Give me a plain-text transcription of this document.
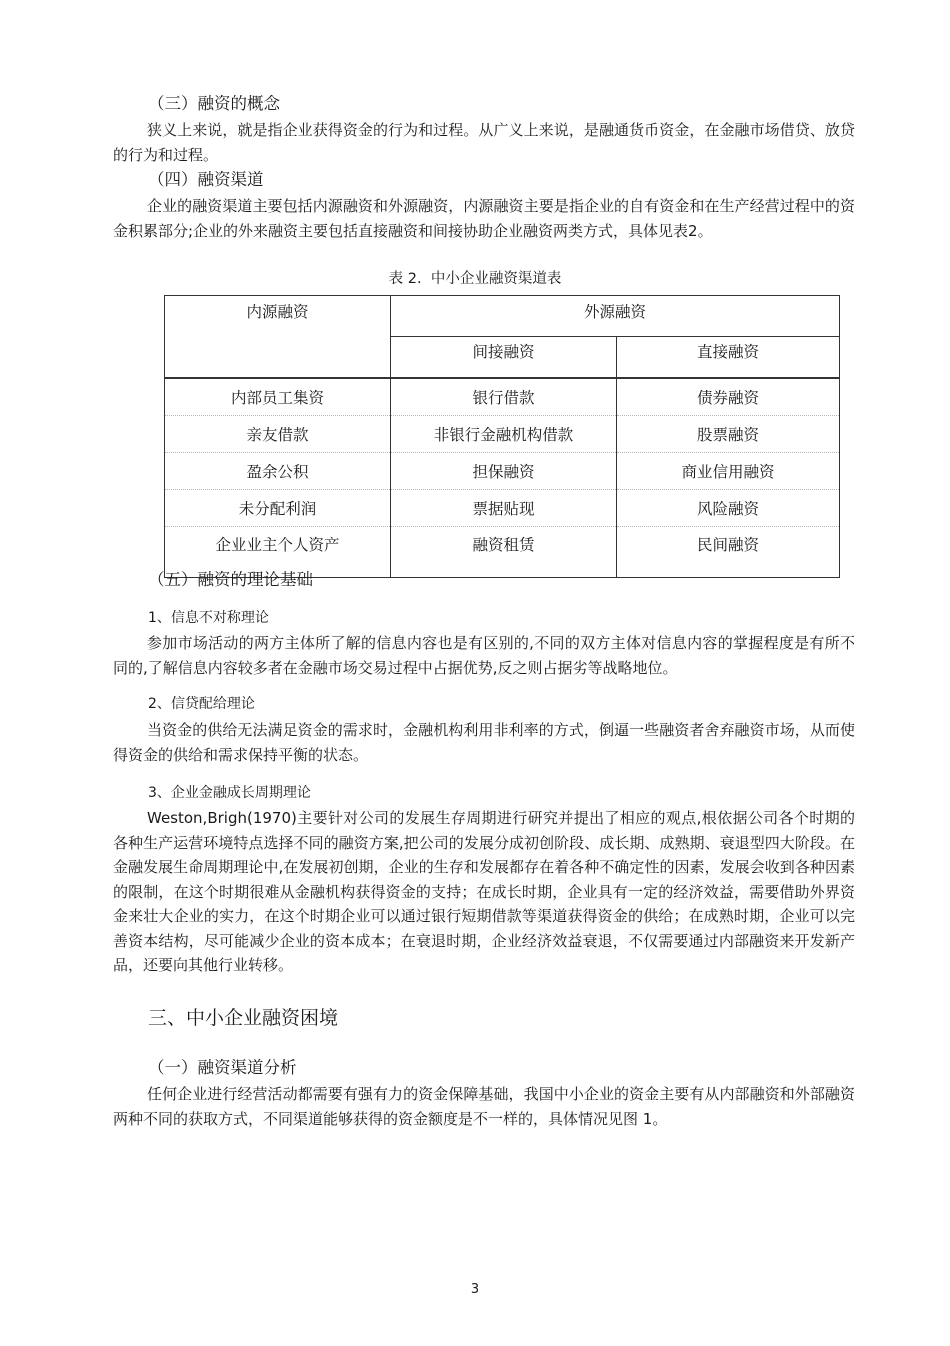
（三）融资的概念

狭义上来说，就是指企业获得资金的行为和过程。从广义上来说，是融通货币资金，在金融市场借贷、放贷的行为和过程。

（四）融资渠道

企业的融资渠道主要包括内源融资和外源融资，内源融资主要是指企业的自有资金和在生产经营过程中的资金积累部分;企业的外来融资主要包括直接融资和间接协助企业融资两类方式，具体见表2。

表 2. 中小企业融资渠道表

内源融资	外源融资	
	间接融资	直接融资
内部员工集资	银行借款	债券融资
亲友借款	非银行金融机构借款	股票融资
盈余公积	担保融资	商业信用融资
未分配利润	票据贴现	风险融资
企业业主个人资产	融资租赁	民间融资

（五）融资的理论基础

1、信息不对称理论

参加市场活动的两方主体所了解的信息内容也是有区别的,不同的双方主体对信息内容的掌握程度是有所不同的,了解信息内容较多者在金融市场交易过程中占据优势,反之则占据劣等战略地位。

2、信贷配给理论

当资金的供给无法满足资金的需求时，金融机构利用非利率的方式，倒逼一些融资者舍弃融资市场，从而使得资金的供给和需求保持平衡的状态。

3、企业金融成长周期理论

Weston,Brigh(1970)主要针对公司的发展生存周期进行研究并提出了相应的观点,根依据公司各个时期的各种生产运营环境特点选择不同的融资方案,把公司的发展分成初创阶段、成长期、成熟期、衰退型四大阶段。在金融发展生命周期理论中,在发展初创期，企业的生存和发展都存在着各种不确定性的因素，发展会收到各种因素的限制，在这个时期很难从金融机构获得资金的支持；在成长时期，企业具有一定的经济效益，需要借助外界资金来壮大企业的实力，在这个时期企业可以通过银行短期借款等渠道获得资金的供给；在成熟时期，企业可以完善资本结构，尽可能减少企业的资本成本；在衰退时期，企业经济效益衰退，不仅需要通过内部融资来开发新产品，还要向其他行业转移。

三、中小企业融资困境

（一）融资渠道分析

任何企业进行经营活动都需要有强有力的资金保障基础，我国中小企业的资金主要有从内部融资和外部融资两种不同的获取方式，不同渠道能够获得的资金额度是不一样的，具体情况见图 1。

3
